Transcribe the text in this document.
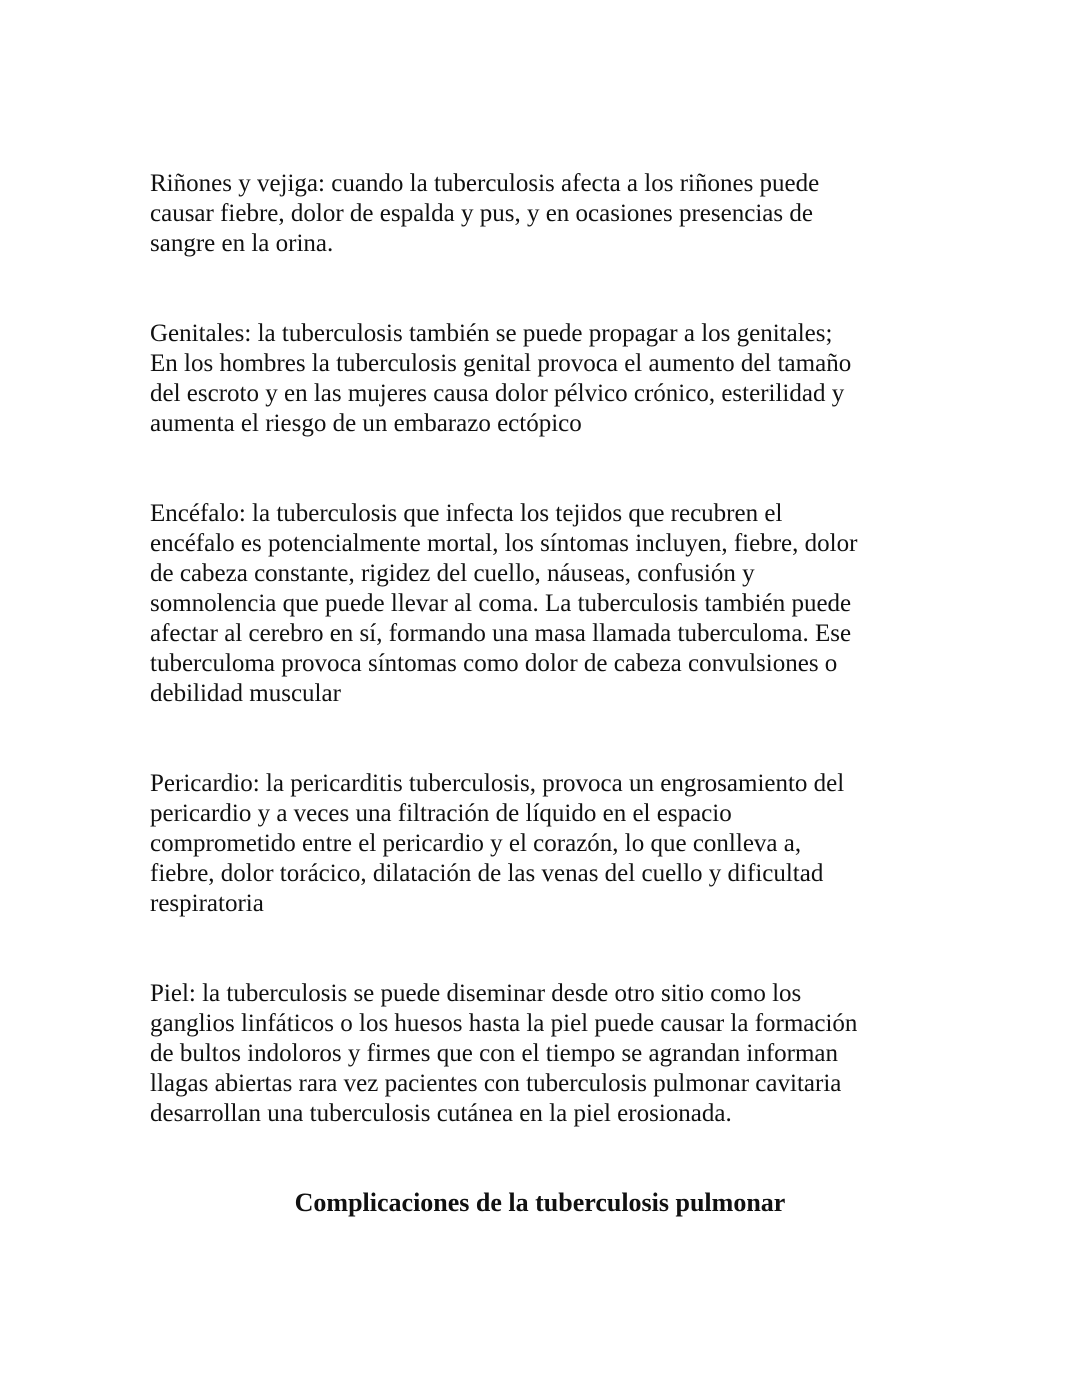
Riñones y vejiga: cuando la tuberculosis afecta a los riñones puede
causar fiebre, dolor de espalda y pus, y en ocasiones presencias de
sangre en la orina.
Genitales: la tuberculosis también se puede propagar a los genitales;
En los hombres la tuberculosis genital provoca el aumento del tamaño
del escroto y en las mujeres causa dolor pélvico crónico, esterilidad y
aumenta el riesgo de un embarazo ectópico
Encéfalo: la tuberculosis que infecta los tejidos que recubren el
encéfalo es potencialmente mortal, los síntomas incluyen, fiebre, dolor
de cabeza constante, rigidez del cuello, náuseas, confusión y
somnolencia que puede llevar al coma. La tuberculosis también puede
afectar al cerebro en sí, formando una masa llamada tuberculoma. Ese
tuberculoma provoca síntomas como dolor de cabeza convulsiones o
debilidad muscular
Pericardio: la pericarditis tuberculosis, provoca un engrosamiento del
pericardio y a veces una filtración de líquido en el espacio
comprometido entre el pericardio y el corazón, lo que conlleva a,
fiebre, dolor torácico, dilatación de las venas del cuello y dificultad
respiratoria
Piel: la tuberculosis se puede diseminar desde otro sitio como los
ganglios linfáticos o los huesos hasta la piel puede causar la formación
de bultos indoloros y firmes que con el tiempo se agrandan informan
llagas abiertas rara vez pacientes con tuberculosis pulmonar cavitaria
desarrollan una tuberculosis cutánea en la piel erosionada.
Complicaciones de la tuberculosis pulmonar
